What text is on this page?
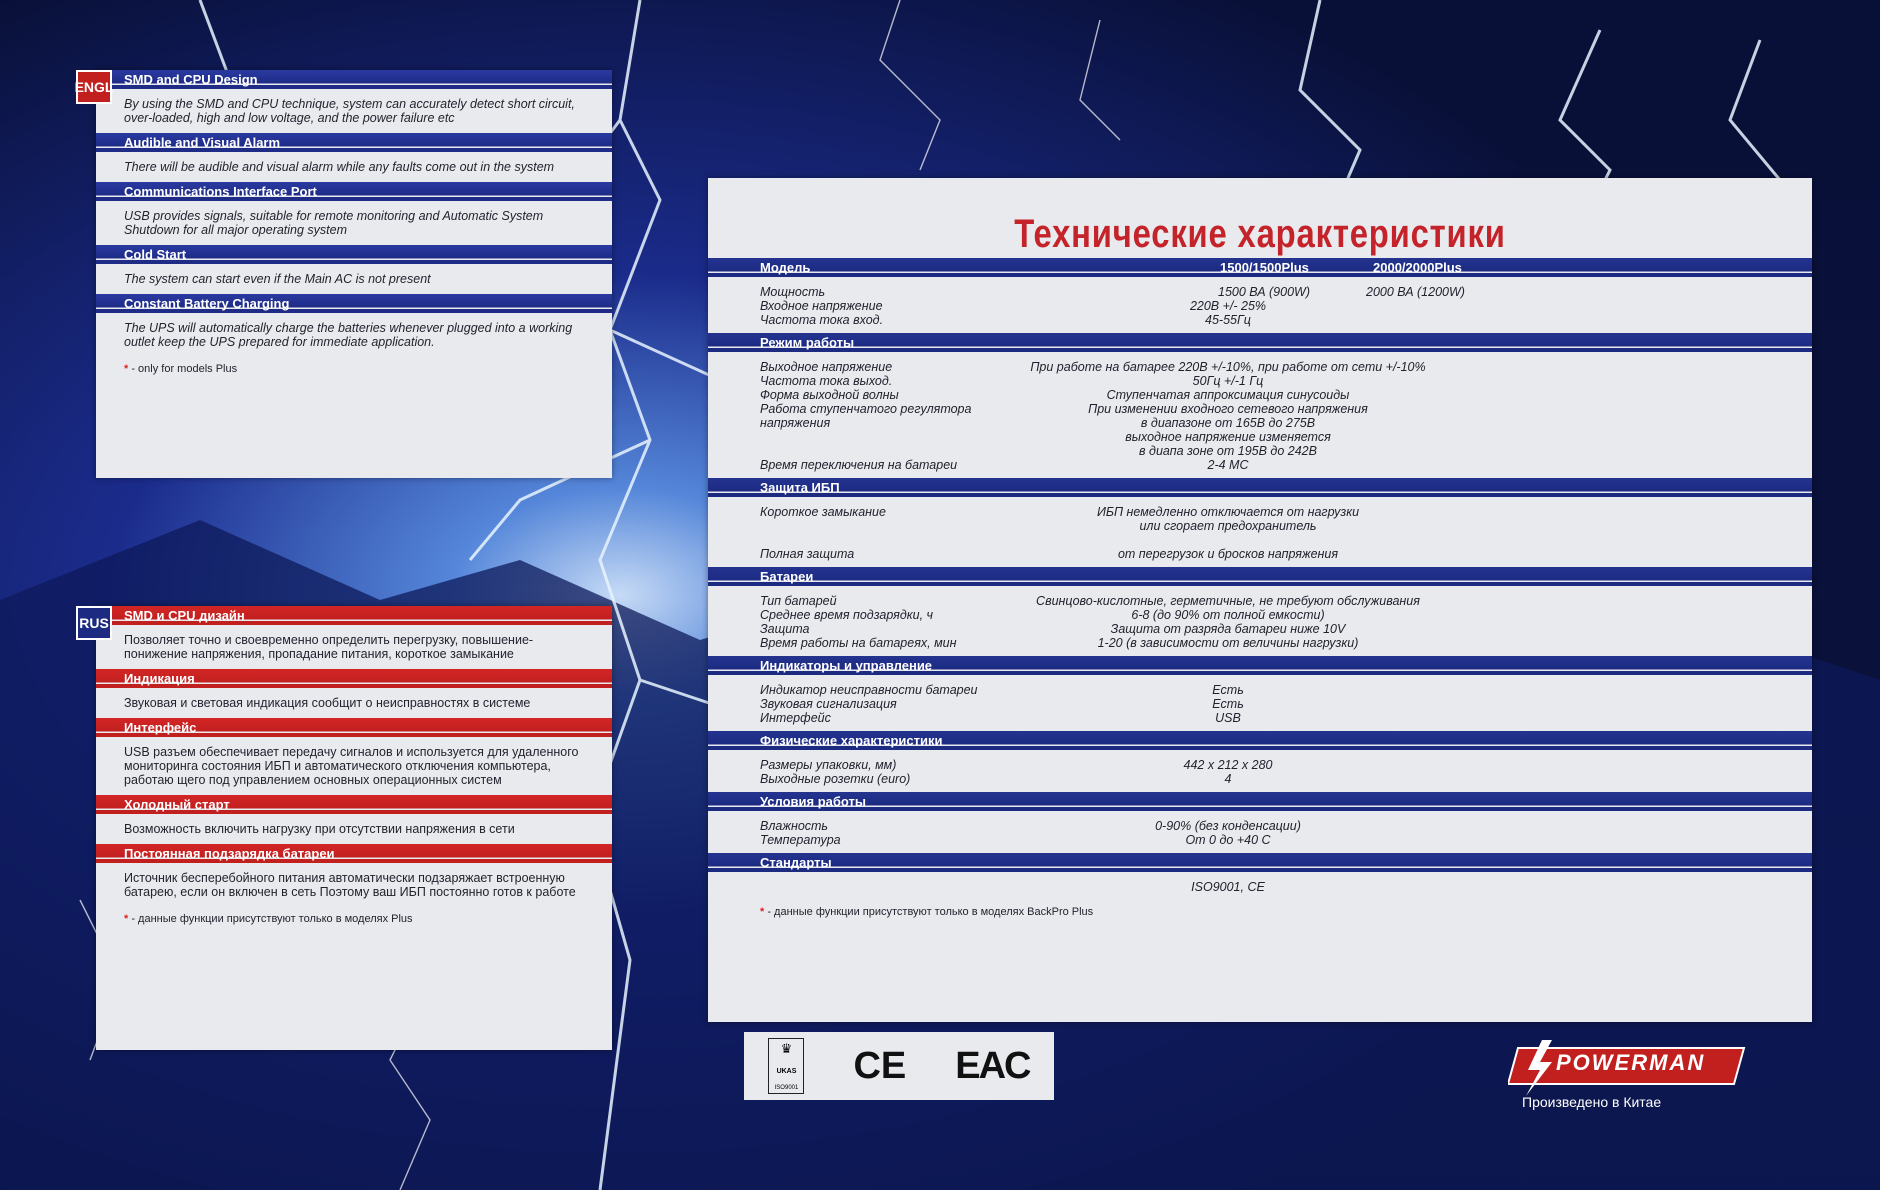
ENGL SMD and CPU Design
By using the SMD and CPU technique, system can accurately detect short circuit, over-loaded, high and low voltage, and the power failure etc
Audible and Visual Alarm
There will be audible and visual alarm while any faults come out in the system
Communications Interface Port
USB provides signals, suitable for remote monitoring and Automatic System Shutdown for all major operating system
Cold Start
The system can start even if the Main AC is not present
Constant Battery Charging
The UPS will automatically charge the batteries whenever plugged into a working outlet keep the UPS prepared for immediate application.
* - only for models Plus
RUS	SMD и CPU дизайн
Позволяет точно и своевременно определить перегрузку, повышение-понижение напряжения, пропадание питания, короткое замыкание
Индикация
Звуковая и световая индикация сообщит о неисправностях в системе
Интерфейс
USB разъем обеспечивает передачу сигналов и используется для удаленного мониторинга состояния ИБП и автоматического отключения компьютера, работаю щего под управлением основных операционных систем
Холодный старт
Возможность включить нагрузку при отсутствии напряжения в сети
Постоянная подзарядка батареи
Источник бесперебойного питания автоматически подзаряжает встроенную батарею, если он включен в сеть Поэтому ваш ИБП постоянно готов к работе
* - данные функции присутствуют только в моделях Plus
Технические характеристики
Модель	1500/1500Plus	2000/2000Plus
Мощность	1500 ВА (900W)	2000 ВА (1200W)
Входное напряжение	220В +/- 25%
Частота тока вход.	45-55Гц
Режим работы
Выходное напряжение	При работе на батарее 220В +/-10%, при работе от сети +/-10%
Частота тока выход.	50Гц +/-1 Гц
Форма выходной волны	Ступенчатая аппроксимация синусоиды
Работа ступенчатого регулятора	При изменении входного сетевого напряжения
напряжения	в диапазоне от 165В до 275В
выходное напряжение изменяется
в диапа зоне от 195В до 242В
Время переключения на батареи	2-4 МС
Защита ИБП
Короткое замыкание	ИБП немедленно отключается от нагрузки
или сгорает предохранитель
Полная защита	от перегрузок и бросков напряжения
Батареи
Тип батарей	Свинцово-кислотные, герметичные, не требуют обслуживания
Среднее время подзарядки, ч	6-8 (до 90% от полной емкости)
Защита	Защита от разряда батареи ниже 10V
Время работы на батареях, мин	1-20 (в зависимости от величины нагрузки)
Индикаторы и управление
Индикатор неисправности батареи	Есть
Звуковая сигнализация	Есть
Интерфейс	USB
Физические характеристики
Размеры упаковки, мм)	442 x 212 x 280
Выходные розетки (euro)	4
Условия работы
Влажность	0-90% (без конденсации)
Температура	От 0 до +40 С
Стандарты
ISO9001, CE
* - данные функции присутствуют только в моделях BackPro Plus
♛
UKAS
ISO9001
CE EAC	POWERMAN
Произведено в Китае
